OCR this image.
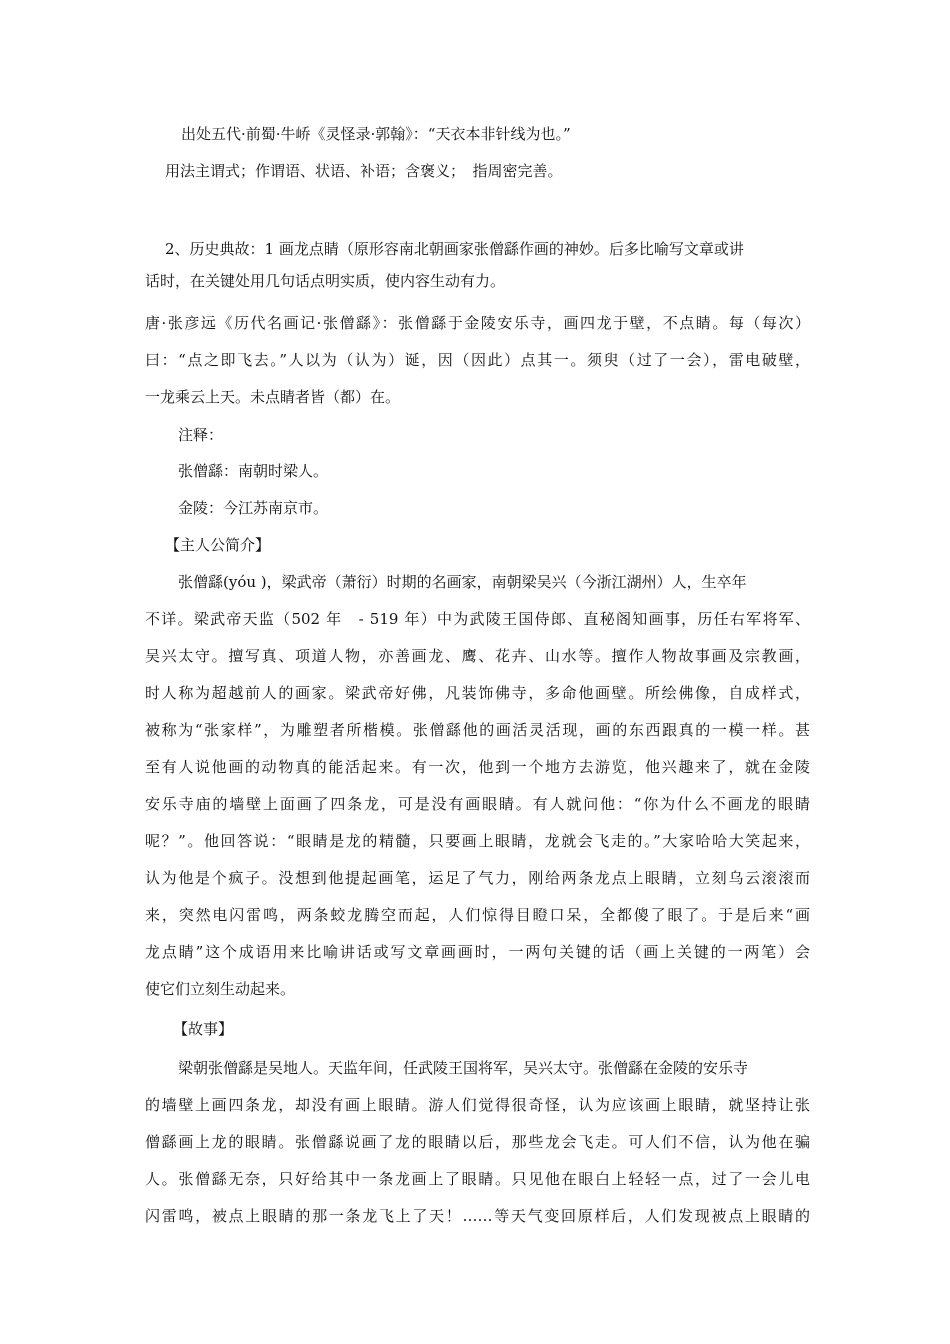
出处五代·前蜀·牛峤《灵怪录·郭翰》：“天衣本非针线为也。”
用法主谓式；作谓语、状语、补语；含褒义；　指周密完善。
2、历史典故：1 画龙点睛（原形容南北朝画家张僧繇作画的神妙。后多比喻写文章或讲
话时，在关键处用几句话点明实质，使内容生动有力。
唐·张彦远《历代名画记·张僧繇》：张僧繇于金陵安乐寺，画四龙于壁，不点睛。每（每次）
曰：“点之即飞去。”人以为（认为）诞，因（因此）点其一。须臾（过了一会），雷电破壁，
一龙乘云上天。未点睛者皆（都）在。
注释：
张僧繇：南朝时梁人。
金陵：今江苏南京市。
【主人公简介】
张僧繇(yóu )，梁武帝（萧衍）时期的名画家，南朝梁吴兴（今浙江湖州）人，生卒年
不详。梁武帝天监（502 年　- 519 年）中为武陵王国侍郎、直秘阁知画事，历任右军将军、
吴兴太守。擅写真、项道人物，亦善画龙、鹰、花卉、山水等。擅作人物故事画及宗教画，
时人称为超越前人的画家。梁武帝好佛，凡装饰佛寺，多命他画壁。所绘佛像，自成样式，
被称为“张家样”，为雕塑者所楷模。张僧繇他的画活灵活现，画的东西跟真的一模一样。甚
至有人说他画的动物真的能活起来。有一次，他到一个地方去游览，他兴趣来了，就在金陵
安乐寺庙的墙壁上面画了四条龙，可是没有画眼睛。有人就问他：“你为什么不画龙的眼睛
呢？”。他回答说：“眼睛是龙的精髓，只要画上眼睛，龙就会飞走的。”大家哈哈大笑起来，
认为他是个疯子。没想到他提起画笔，运足了气力，刚给两条龙点上眼睛，立刻乌云滚滚而
来，突然电闪雷鸣，两条蛟龙腾空而起，人们惊得目瞪口呆，全都傻了眼了。于是后来“画
龙点睛”这个成语用来比喻讲话或写文章画画时，一两句关键的话（画上关键的一两笔）会
使它们立刻生动起来。
【故事】
梁朝张僧繇是吴地人。天监年间，任武陵王国将军，吴兴太守。张僧繇在金陵的安乐寺
的墙壁上画四条龙，却没有画上眼睛。游人们觉得很奇怪，认为应该画上眼睛，就坚持让张
僧繇画上龙的眼睛。张僧繇说画了龙的眼睛以后，那些龙会飞走。可人们不信，认为他在骗
人。张僧繇无奈，只好给其中一条龙画上了眼睛。只见他在眼白上轻轻一点，过了一会儿电
闪雷鸣，被点上眼睛的那一条龙飞上了天！……等天气变回原样后，人们发现被点上眼睛的
